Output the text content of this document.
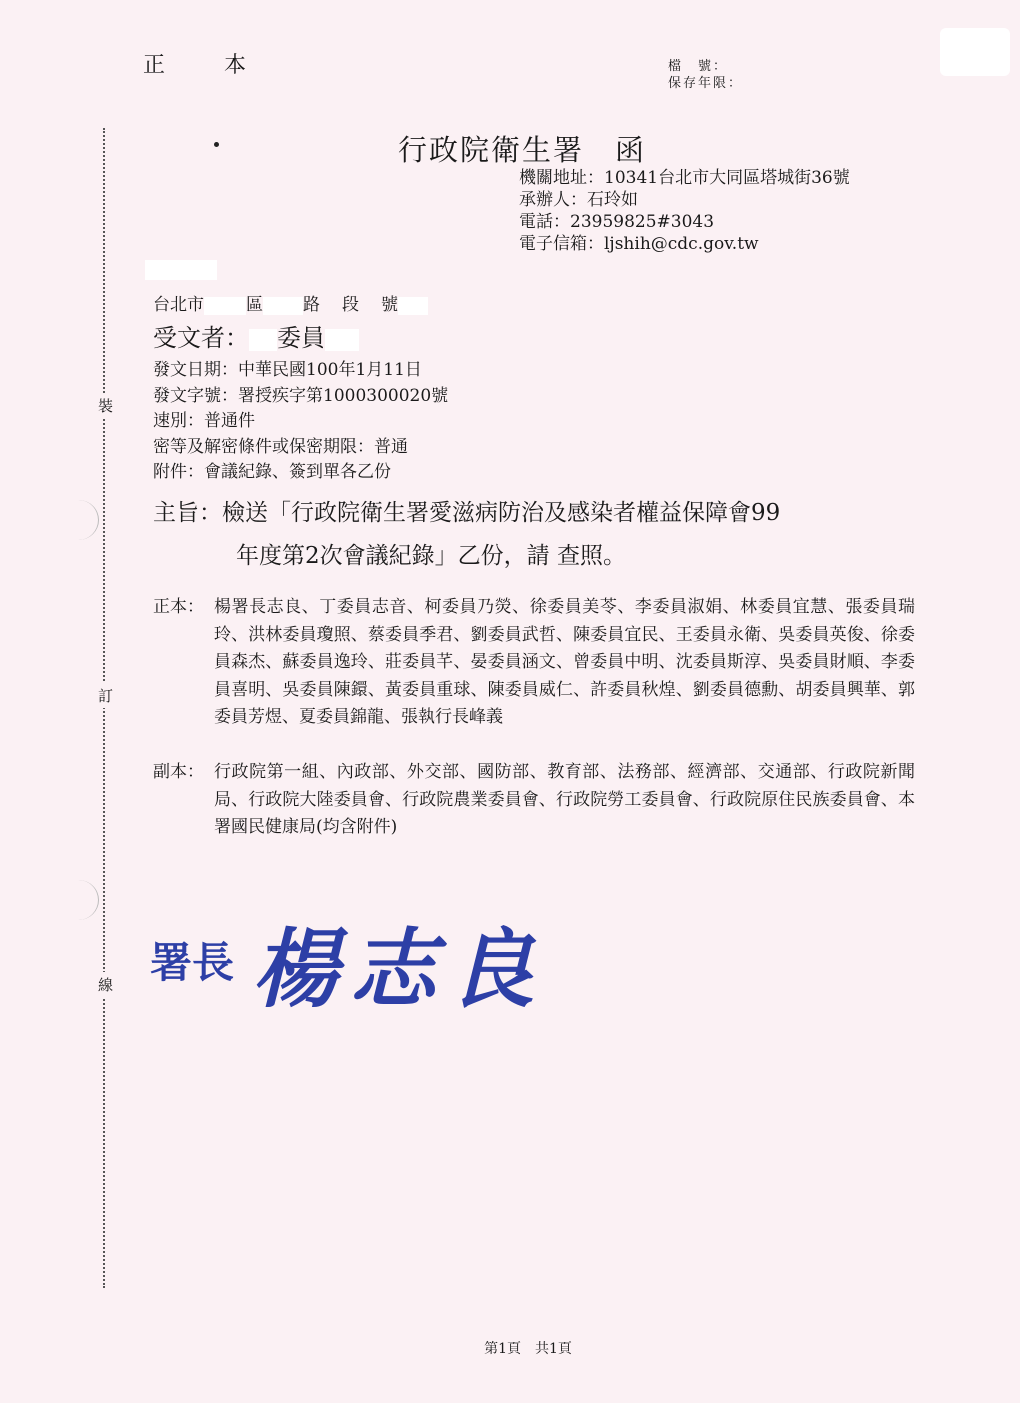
正 本	檔　號：
保存年限：
裝
訂
線
行政院衛生署　函
機關地址：10341台北市大同區塔城街36號
承辦人：石玲如
電話：23959825#3043
電子信箱：ljshih@cdc.gov.tw
台北市 區 路 段 號
受文者： 委員
發文日期：中華民國100年1月11日
發文字號：署授疾字第1000300020號
速別：普通件
密等及解密條件或保密期限：普通
附件：會議紀錄、簽到單各乙份
主旨：檢送「行政院衛生署愛滋病防治及感染者權益保障會99
年度第2次會議紀錄」乙份，請 查照。
正本： 楊署長志良、丁委員志音、柯委員乃熒、徐委員美苓、李委員淑娟、林委員宜慧、張委員瑞玲、洪林委員瓊照、蔡委員季君、劉委員武哲、陳委員宜民、王委員永衛、吳委員英俊、徐委員森杰、蘇委員逸玲、莊委員芊、晏委員涵文、曾委員中明、沈委員斯淳、吳委員財順、李委員喜明、吳委員陳鐶、黃委員重球、陳委員威仁、許委員秋煌、劉委員德勳、胡委員興華、郭委員芳煜、夏委員錦龍、張執行長峰義
副本： 行政院第一組、內政部、外交部、國防部、教育部、法務部、經濟部、交通部、行政院新聞局、行政院大陸委員會、行政院農業委員會、行政院勞工委員會、行政院原住民族委員會、本署國民健康局(均含附件)
署長 楊志良
第1頁　共1頁
